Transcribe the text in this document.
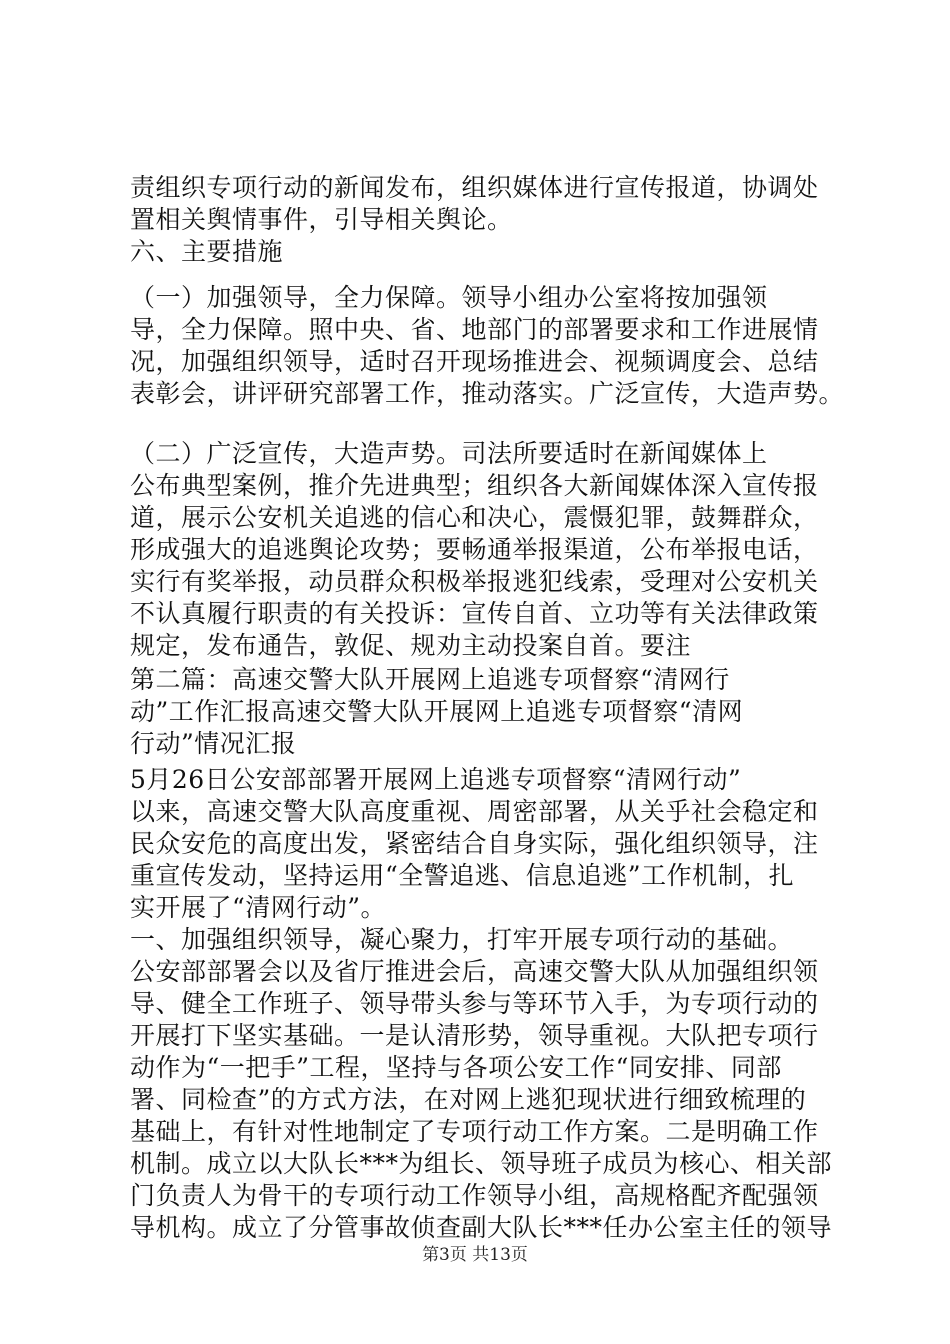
第3页 共13页
责组织专项行动的新闻发布，组织媒体进行宣传报道，协调处
置相关舆情事件，引导相关舆论。
六、主要措施
（一）加强领导，全力保障。领导小组办公室将按加强领
导，全力保障。照中央、省、地部门的部署要求和工作进展情
况，加强组织领导，适时召开现场推进会、视频调度会、总结
表彰会，讲评研究部署工作，推动落实。广泛宣传，大造声势。
（二）广泛宣传，大造声势。司法所要适时在新闻媒体上
公布典型案例，推介先进典型；组织各大新闻媒体深入宣传报
道，展示公安机关追逃的信心和决心，震慑犯罪，鼓舞群众，
形成强大的追逃舆论攻势；要畅通举报渠道，公布举报电话，
实行有奖举报，动员群众积极举报逃犯线索，受理对公安机关
不认真履行职责的有关投诉：宣传自首、立功等有关法律政策
规定，发布通告，敦促、规劝主动投案自首。要注
第二篇：高速交警大队开展网上追逃专项督察“清网行
动”工作汇报高速交警大队开展网上追逃专项督察“清网
行动”情况汇报
5月26日公安部部署开展网上追逃专项督察“清网行动”
以来，高速交警大队高度重视、周密部署，从关乎社会稳定和
民众安危的高度出发，紧密结合自身实际，强化组织领导，注
重宣传发动，坚持运用“全警追逃、信息追逃”工作机制，扎
实开展了“清网行动”。
一、加强组织领导，凝心聚力，打牢开展专项行动的基础。
公安部部署会以及省厅推进会后，高速交警大队从加强组织领
导、健全工作班子、领导带头参与等环节入手，为专项行动的
开展打下坚实基础。一是认清形势，领导重视。大队把专项行
动作为“一把手”工程，坚持与各项公安工作“同安排、同部
署、同检查”的方式方法，在对网上逃犯现状进行细致梳理的
基础上，有针对性地制定了专项行动工作方案。二是明确工作
机制。成立以大队长***为组长、领导班子成员为核心、相关部
门负责人为骨干的专项行动工作领导小组，高规格配齐配强领
导机构。成立了分管事故侦查副大队长***任办公室主任的领导
